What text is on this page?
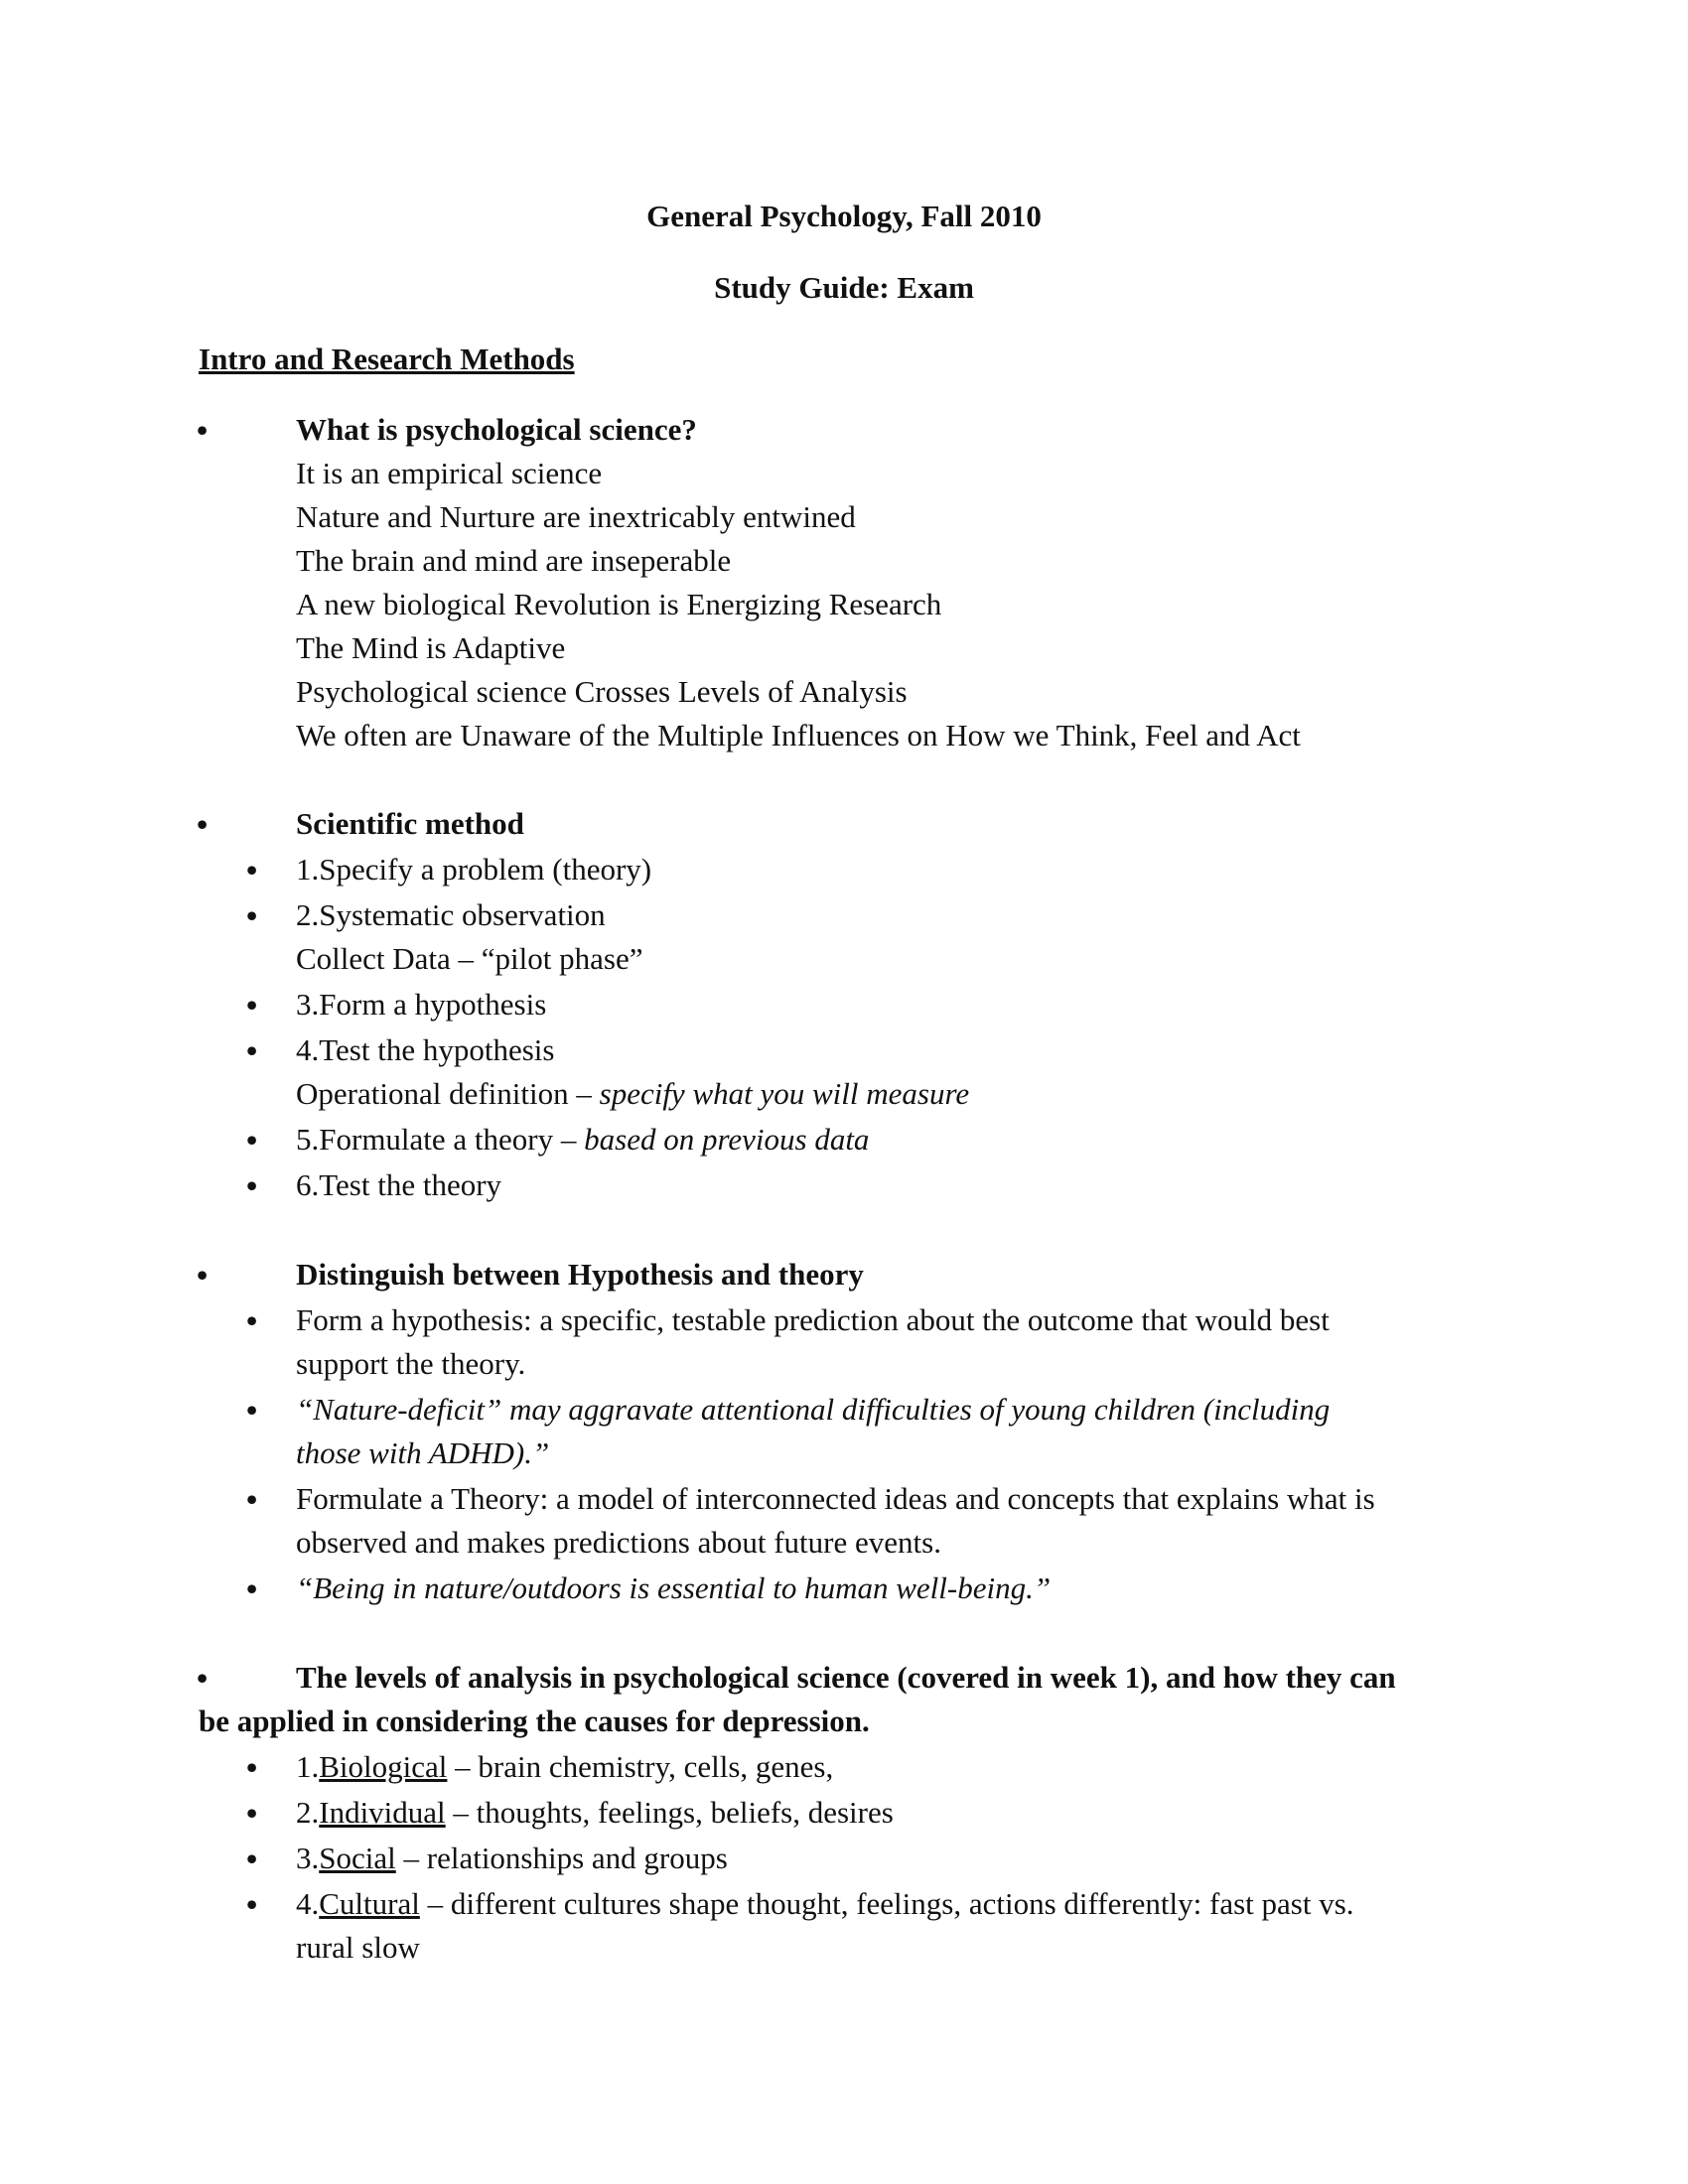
General Psychology, Fall 2010
Study Guide: Exam
Intro and Research Methods
•	What is psychological science?
It is an empirical science
Nature and Nurture are inextricably entwined
The brain and mind are inseperable
A new biological Revolution is Energizing Research
The Mind is Adaptive
Psychological science Crosses Levels of Analysis
We often are Unaware of the Multiple Influences on How we Think, Feel and Act
•	Scientific method
• 1.Specify a problem (theory)
• 2.Systematic observation
Collect Data – “pilot phase”
• 3.Form a hypothesis
• 4.Test the hypothesis
Operational definition – specify what you will measure
• 5.Formulate a theory – based on previous data
• 6.Test the theory
•	Distinguish between Hypothesis and theory
• Form a hypothesis: a specific, testable prediction about the outcome that would best
support the theory.
• “Nature-deficit” may aggravate attentional difficulties of young children (including
those with ADHD).”
• Formulate a Theory: a model of interconnected ideas and concepts that explains what is
observed and makes predictions about future events.
• “Being in nature/outdoors is essential to human well-being.”
•	The levels of analysis in psychological science (covered in week 1), and how they can
be applied in considering the causes for depression.
• 1.Biological – brain chemistry, cells, genes,
• 2.Individual – thoughts, feelings, beliefs, desires
• 3.Social – relationships and groups
• 4.Cultural – different cultures shape thought, feelings, actions differently: fast past vs.
rural slow
